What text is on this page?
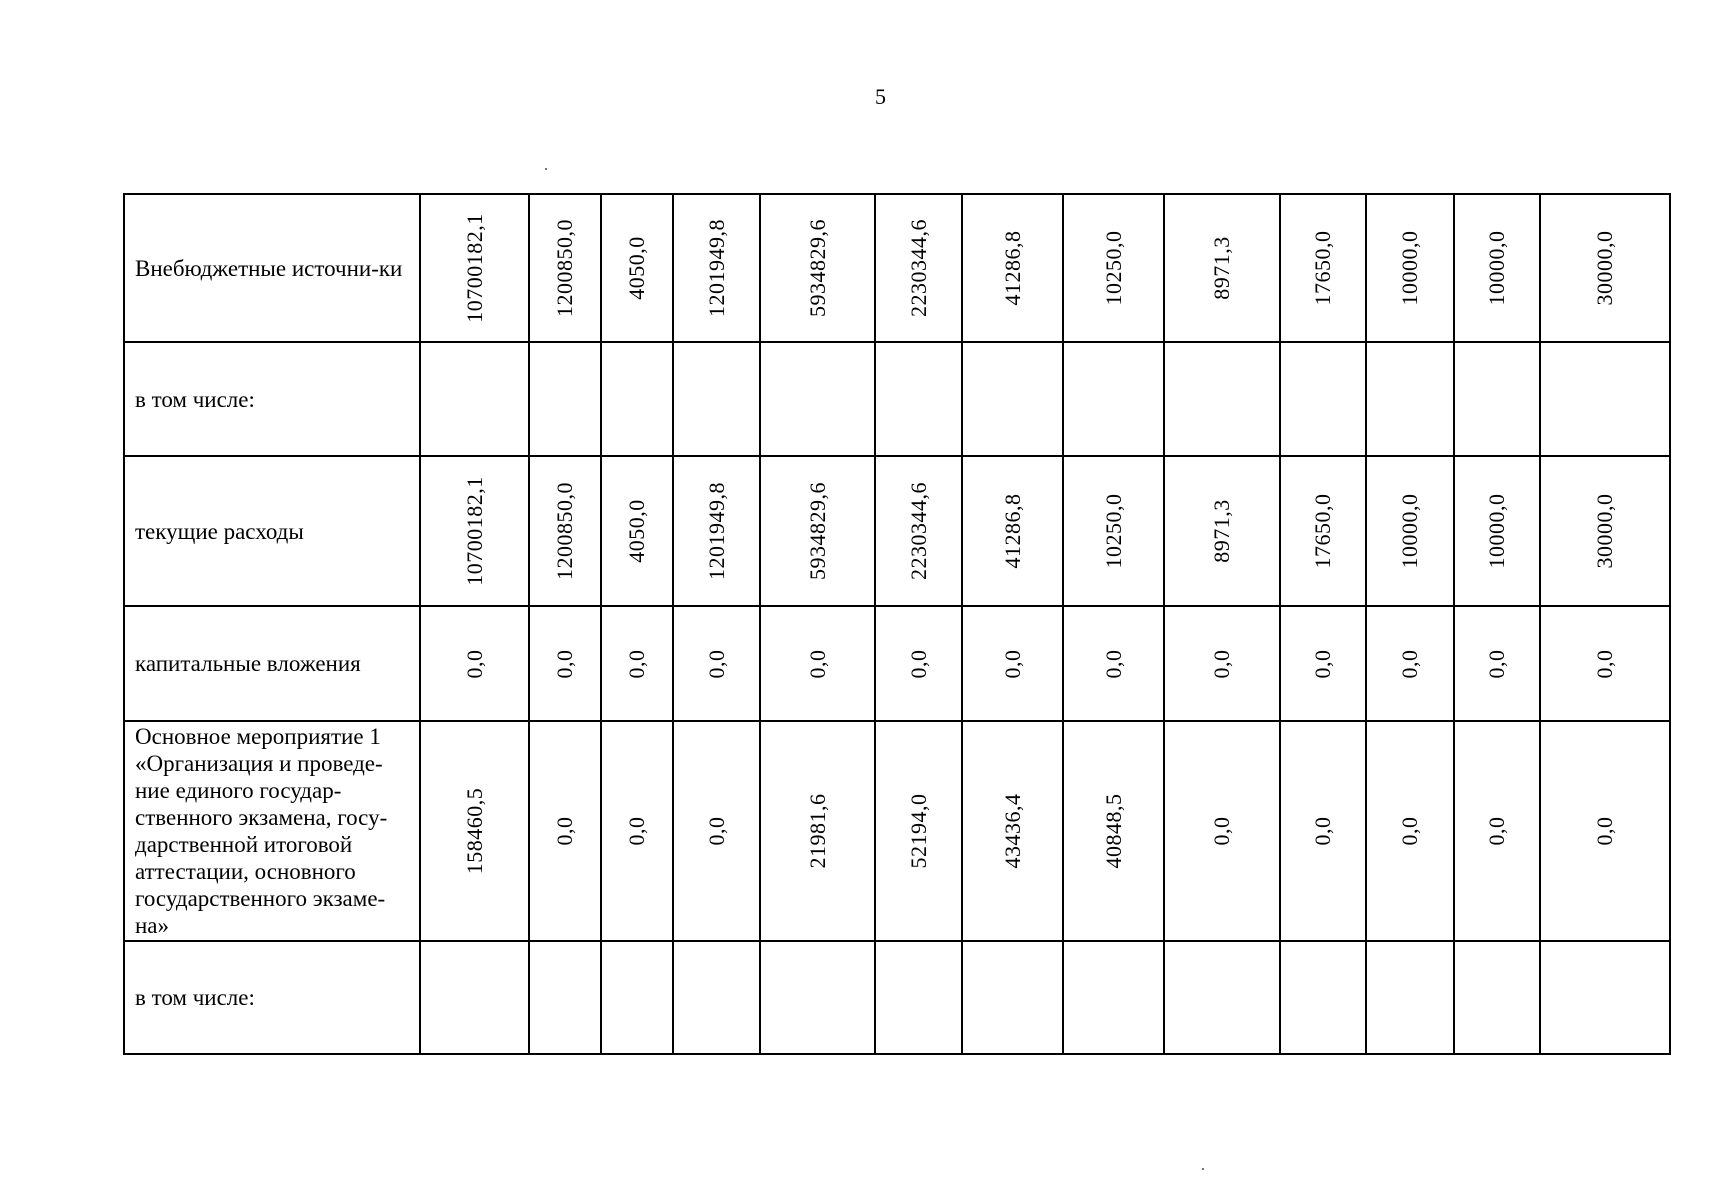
5
Внебюджетные источни-ки	10700182,1	1200850,0	4050,0	1201949,8	5934829,6	2230344,6	41286,8	10250,0	8971,3	17650,0	10000,0	10000,0	30000,0

в том числе:	

текущие расходы	10700182,1	1200850,0	4050,0	1201949,8	5934829,6	2230344,6	41286,8	10250,0	8971,3	17650,0	10000,0	10000,0	30000,0

капитальные вложения	0,0	0,0	0,0	0,0	0,0	0,0	0,0	0,0	0,0	0,0	0,0	0,0	0,0

Основное мероприятие 1 «Организация и проведе-ние единого государ-ственного экзамена, госу-дарственной итоговой аттестации, основного государственного экзаме-на»	158460,5	0,0	0,0	0,0	21981,6	52194,0	43436,4	40848,5	0,0	0,0	0,0	0,0	0,0

в том числе:	
